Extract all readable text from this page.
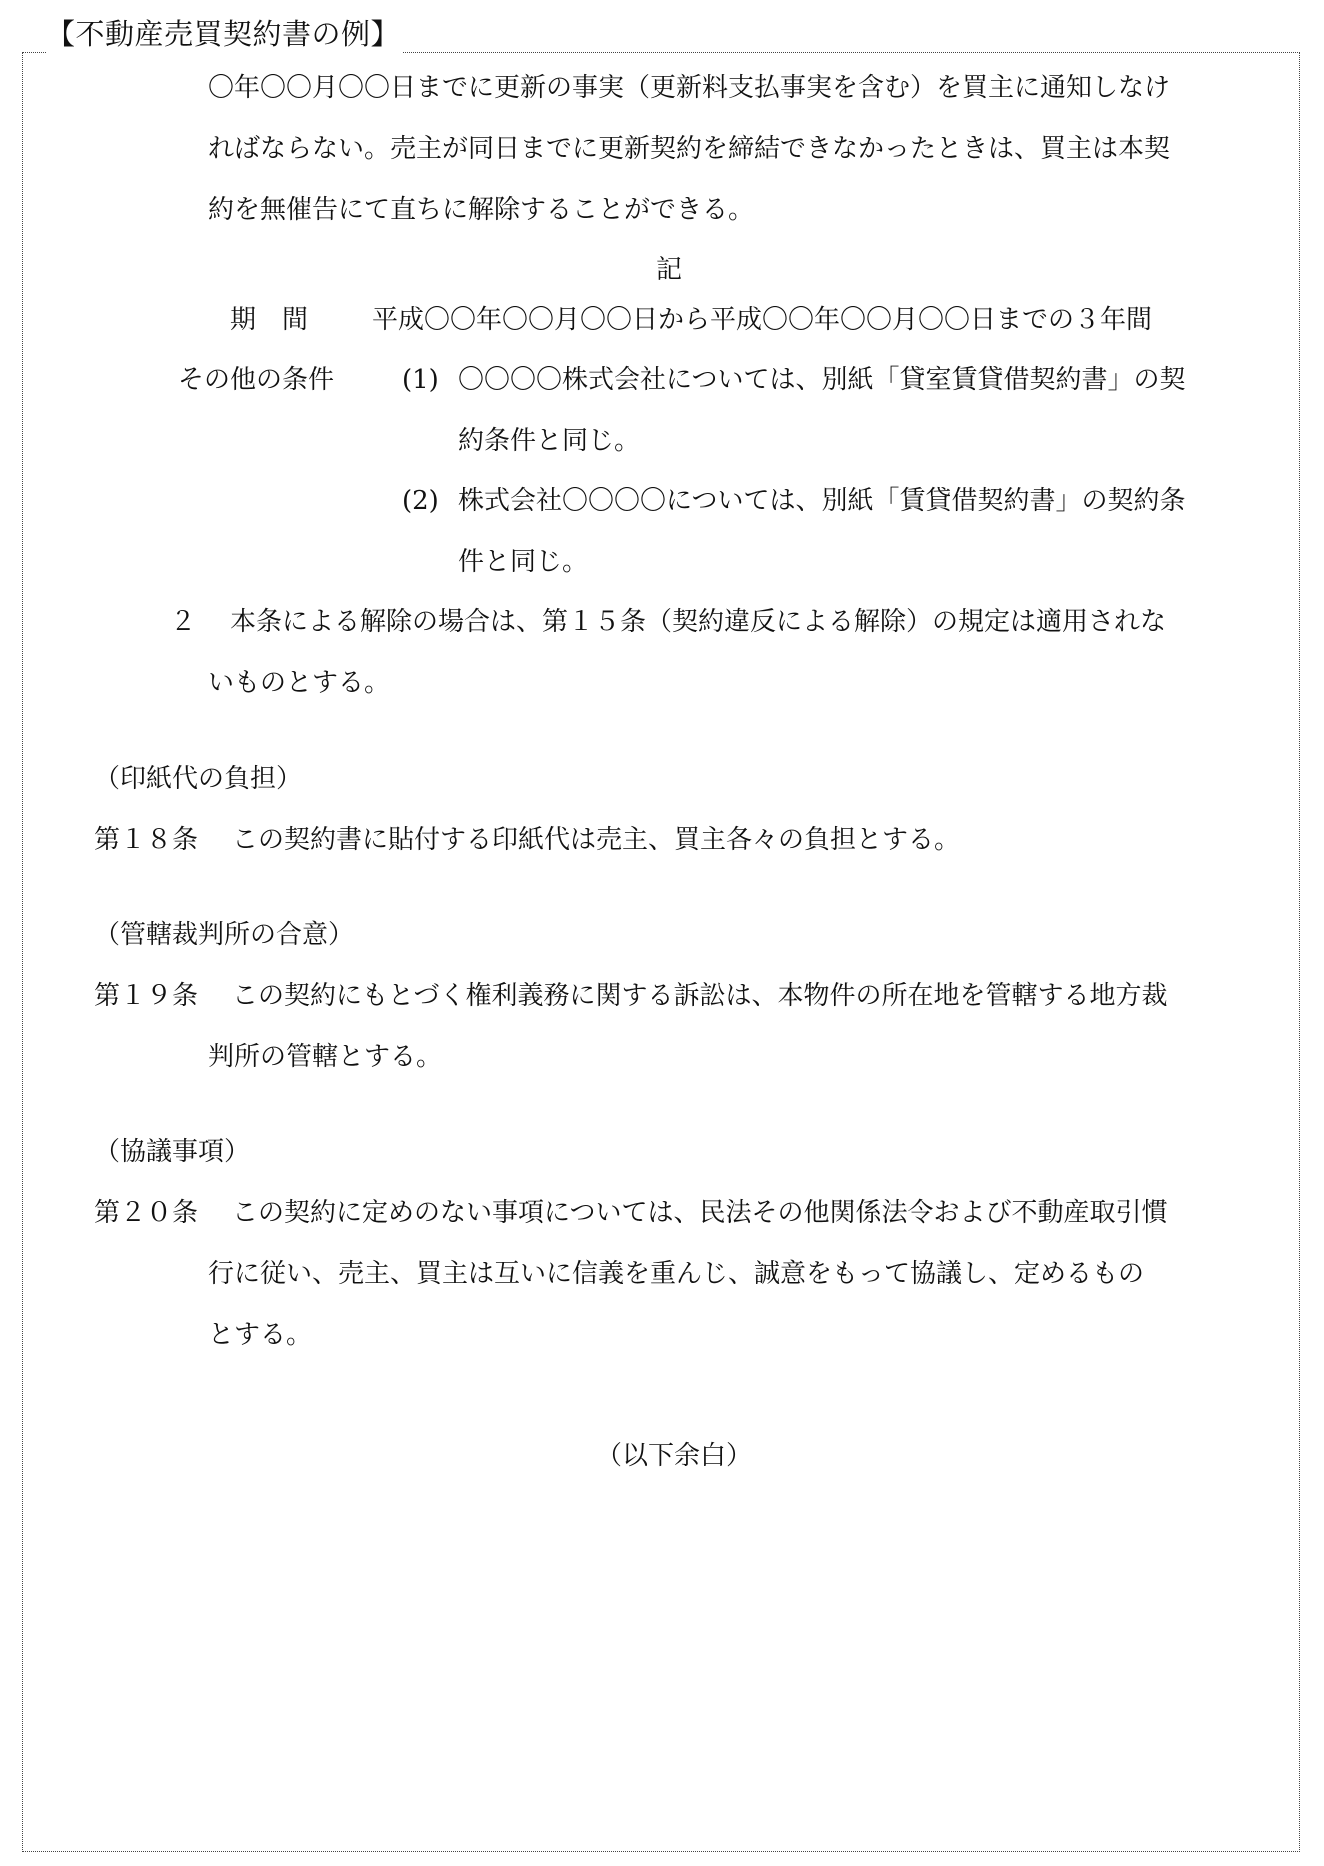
【不動産売買契約書の例】
〇年〇〇月〇〇日までに更新の事実（更新料支払事実を含む）を買主に通知しなけ
ればならない。売主が同日までに更新契約を締結できなかったときは、買主は本契
約を無催告にて直ちに解除することができる。
記
期　間 平成〇〇年〇〇月〇〇日から平成〇〇年〇〇月〇〇日までの３年間
その他の条件	(1) 〇〇〇〇株式会社については、別紙「貸室賃貸借契約書」の契
約条件と同じ。
(2) 株式会社〇〇〇〇については、別紙「賃貸借契約書」の契約条
件と同じ。
２ 本条による解除の場合は、第１５条（契約違反による解除）の規定は適用されな
いものとする。
（印紙代の負担）
第１８条 この契約書に貼付する印紙代は売主、買主各々の負担とする。
（管轄裁判所の合意）
第１９条 この契約にもとづく権利義務に関する訴訟は、本物件の所在地を管轄する地方裁
判所の管轄とする。
（協議事項）
第２０条 この契約に定めのない事項については、民法その他関係法令および不動産取引慣
行に従い、売主、買主は互いに信義を重んじ、誠意をもって協議し、定めるもの
とする。
（以下余白）
